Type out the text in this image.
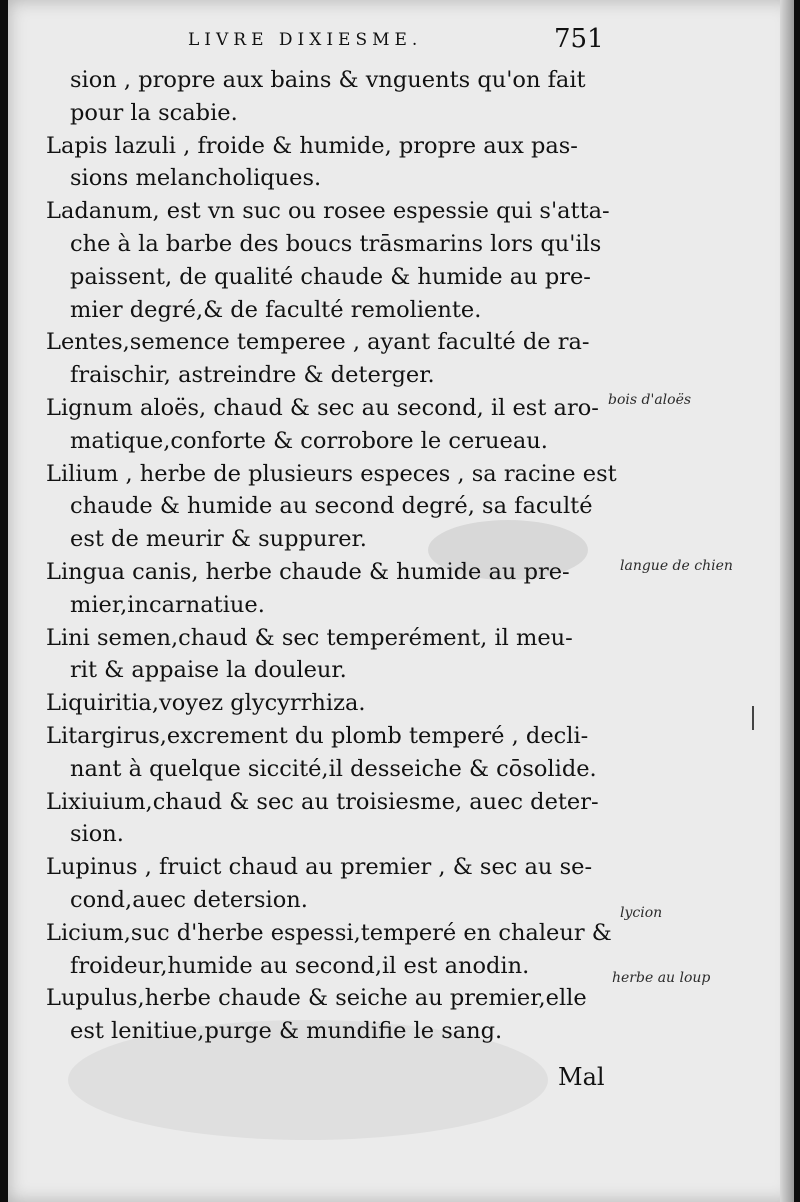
LIVRE DIXIESME.	751
sion , propre aux bains & vnguents qu'on fait
pour la scabie.
Lapis lazuli , froide & humide, propre aux pas-
sions melancholiques.
Ladanum, est vn suc ou rosee espessie qui s'atta-
che à la barbe des boucs trāsmarins lors qu'ils
paissent, de qualité chaude & humide au pre-
mier degré,& de faculté remoliente.
Lentes,semence temperee , ayant faculté de ra-
fraischir, astreindre & deterger.
Lignum aloës, chaud & sec au second, il est aro-
matique,conforte & corrobore le cerueau.
Lilium , herbe de plusieurs especes , sa racine est
chaude & humide au second degré, sa faculté
est de meurir & suppurer.
Lingua canis, herbe chaude & humide au pre-
mier,incarnatiue.
Lini semen,chaud & sec temperément, il meu-
rit & appaise la douleur.
Liquiritia,voyez glycyrrhiza.
Litargirus,excrement du plomb temperé , decli-
nant à quelque siccité,il desseiche & cōsolide.
Lixiuium,chaud & sec au troisiesme, auec deter-
sion.
Lupinus , fruict chaud au premier , & sec au se-
cond,auec detersion.
Licium,suc d'herbe espessi,temperé en chaleur &
froideur,humide au second,il est anodin.
Lupulus,herbe chaude & seiche au premier,elle
est lenitiue,purge & mundifie le sang.
Mal
bois d'aloës
langue de chien
lycion
herbe au loup
